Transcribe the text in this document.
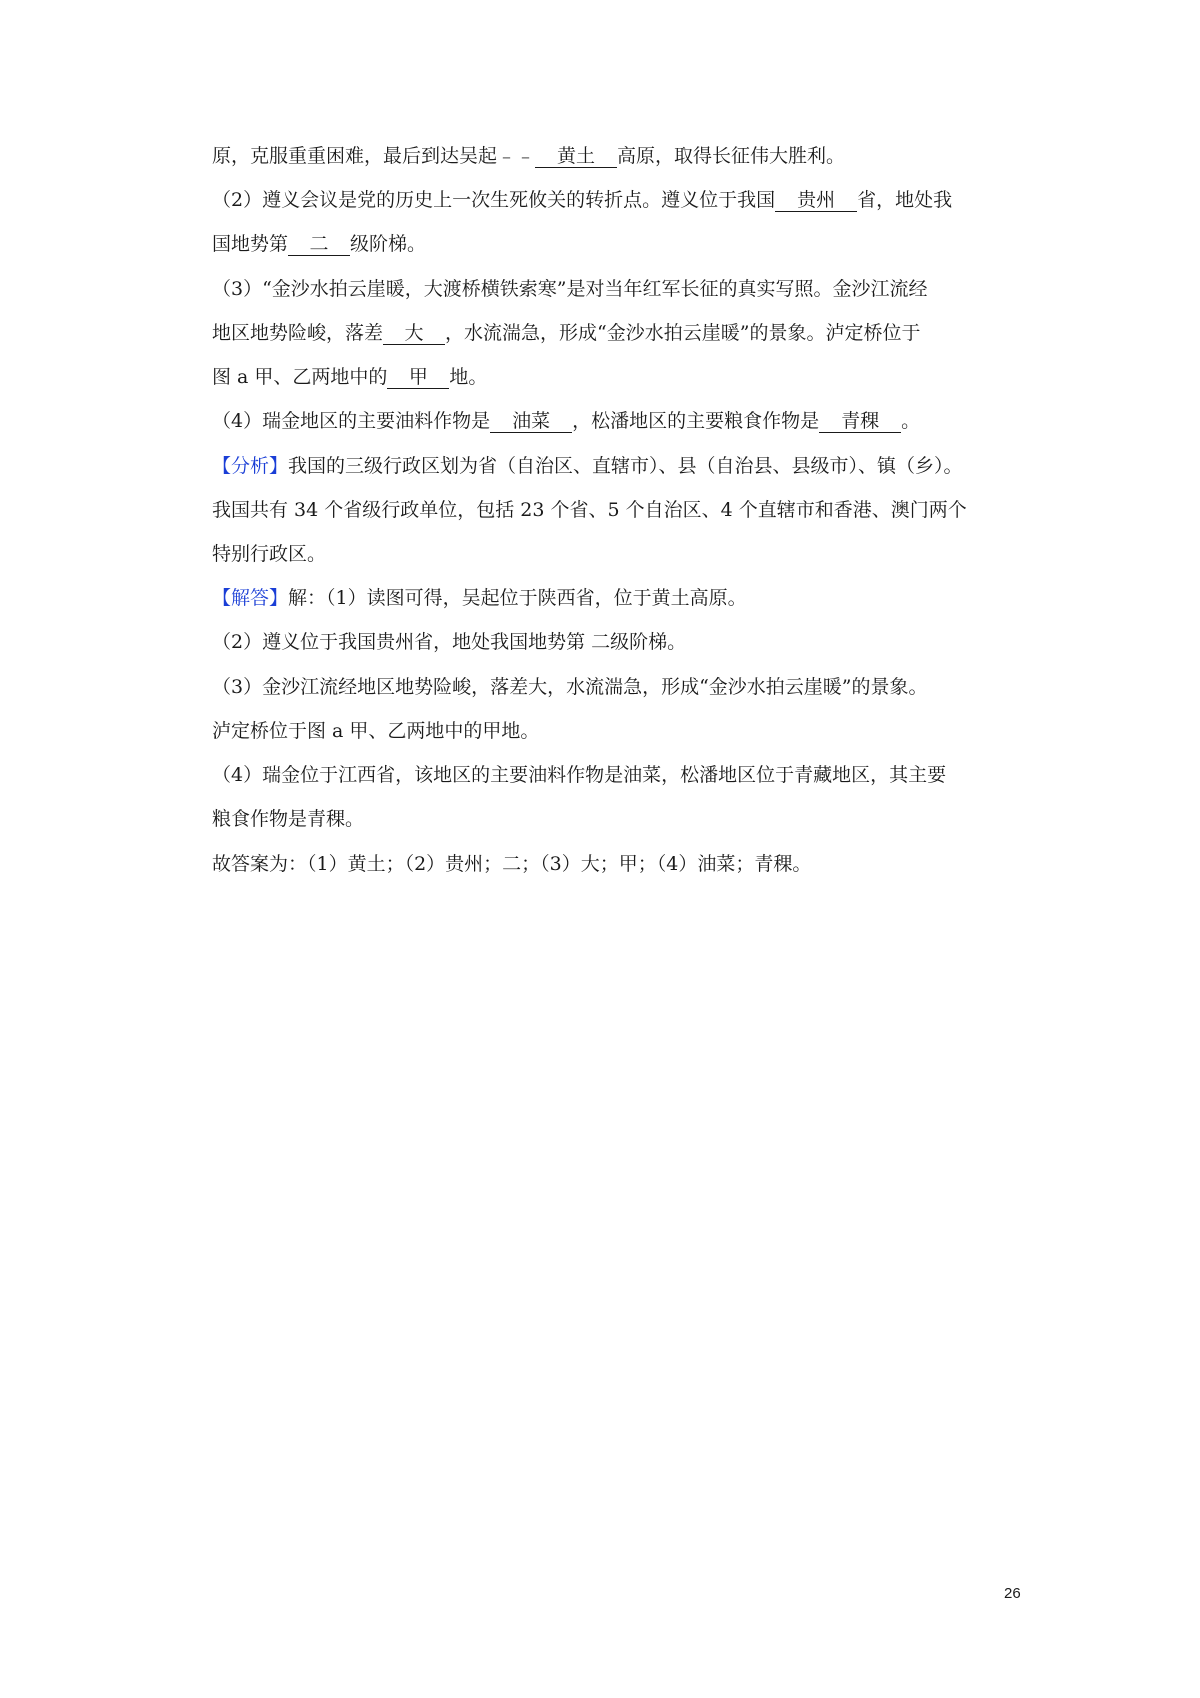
原，克服重重困难，最后到达吴起﹣﹣ 黄土 高原，取得长征伟大胜利。
（2）遵义会议是党的历史上一次生死攸关的转折点。遵义位于我国 贵州 省，地处我
国地势第 二 级阶梯。
（3）“金沙水拍云崖暖，大渡桥横铁索寒”是对当年红军长征的真实写照。金沙江流经
地区地势险峻，落差 大 ，水流湍急，形成“金沙水拍云崖暖”的景象。泸定桥位于
图 a 甲、乙两地中的 甲 地。
（4）瑞金地区的主要油料作物是 油菜 ，松潘地区的主要粮食作物是 青稞 。
【分析】我国的三级行政区划为省（自治区、直辖市）、县（自治县、县级市）、镇（乡）。
我国共有 34 个省级行政单位，包括 23 个省、5 个自治区、4 个直辖市和香港、澳门两个
特别行政区。
【解答】解：（1）读图可得，吴起位于陕西省，位于黄土高原。
（2）遵义位于我国贵州省，地处我国地势第 二级阶梯。
（3）金沙江流经地区地势险峻，落差大，水流湍急，形成“金沙水拍云崖暖”的景象。
泸定桥位于图 a 甲、乙两地中的甲地。
（4）瑞金位于江西省，该地区的主要油料作物是油菜，松潘地区位于青藏地区，其主要
粮食作物是青稞。
故答案为：（1）黄土；（2）贵州；二；（3）大；甲；（4）油菜；青稞。
26
